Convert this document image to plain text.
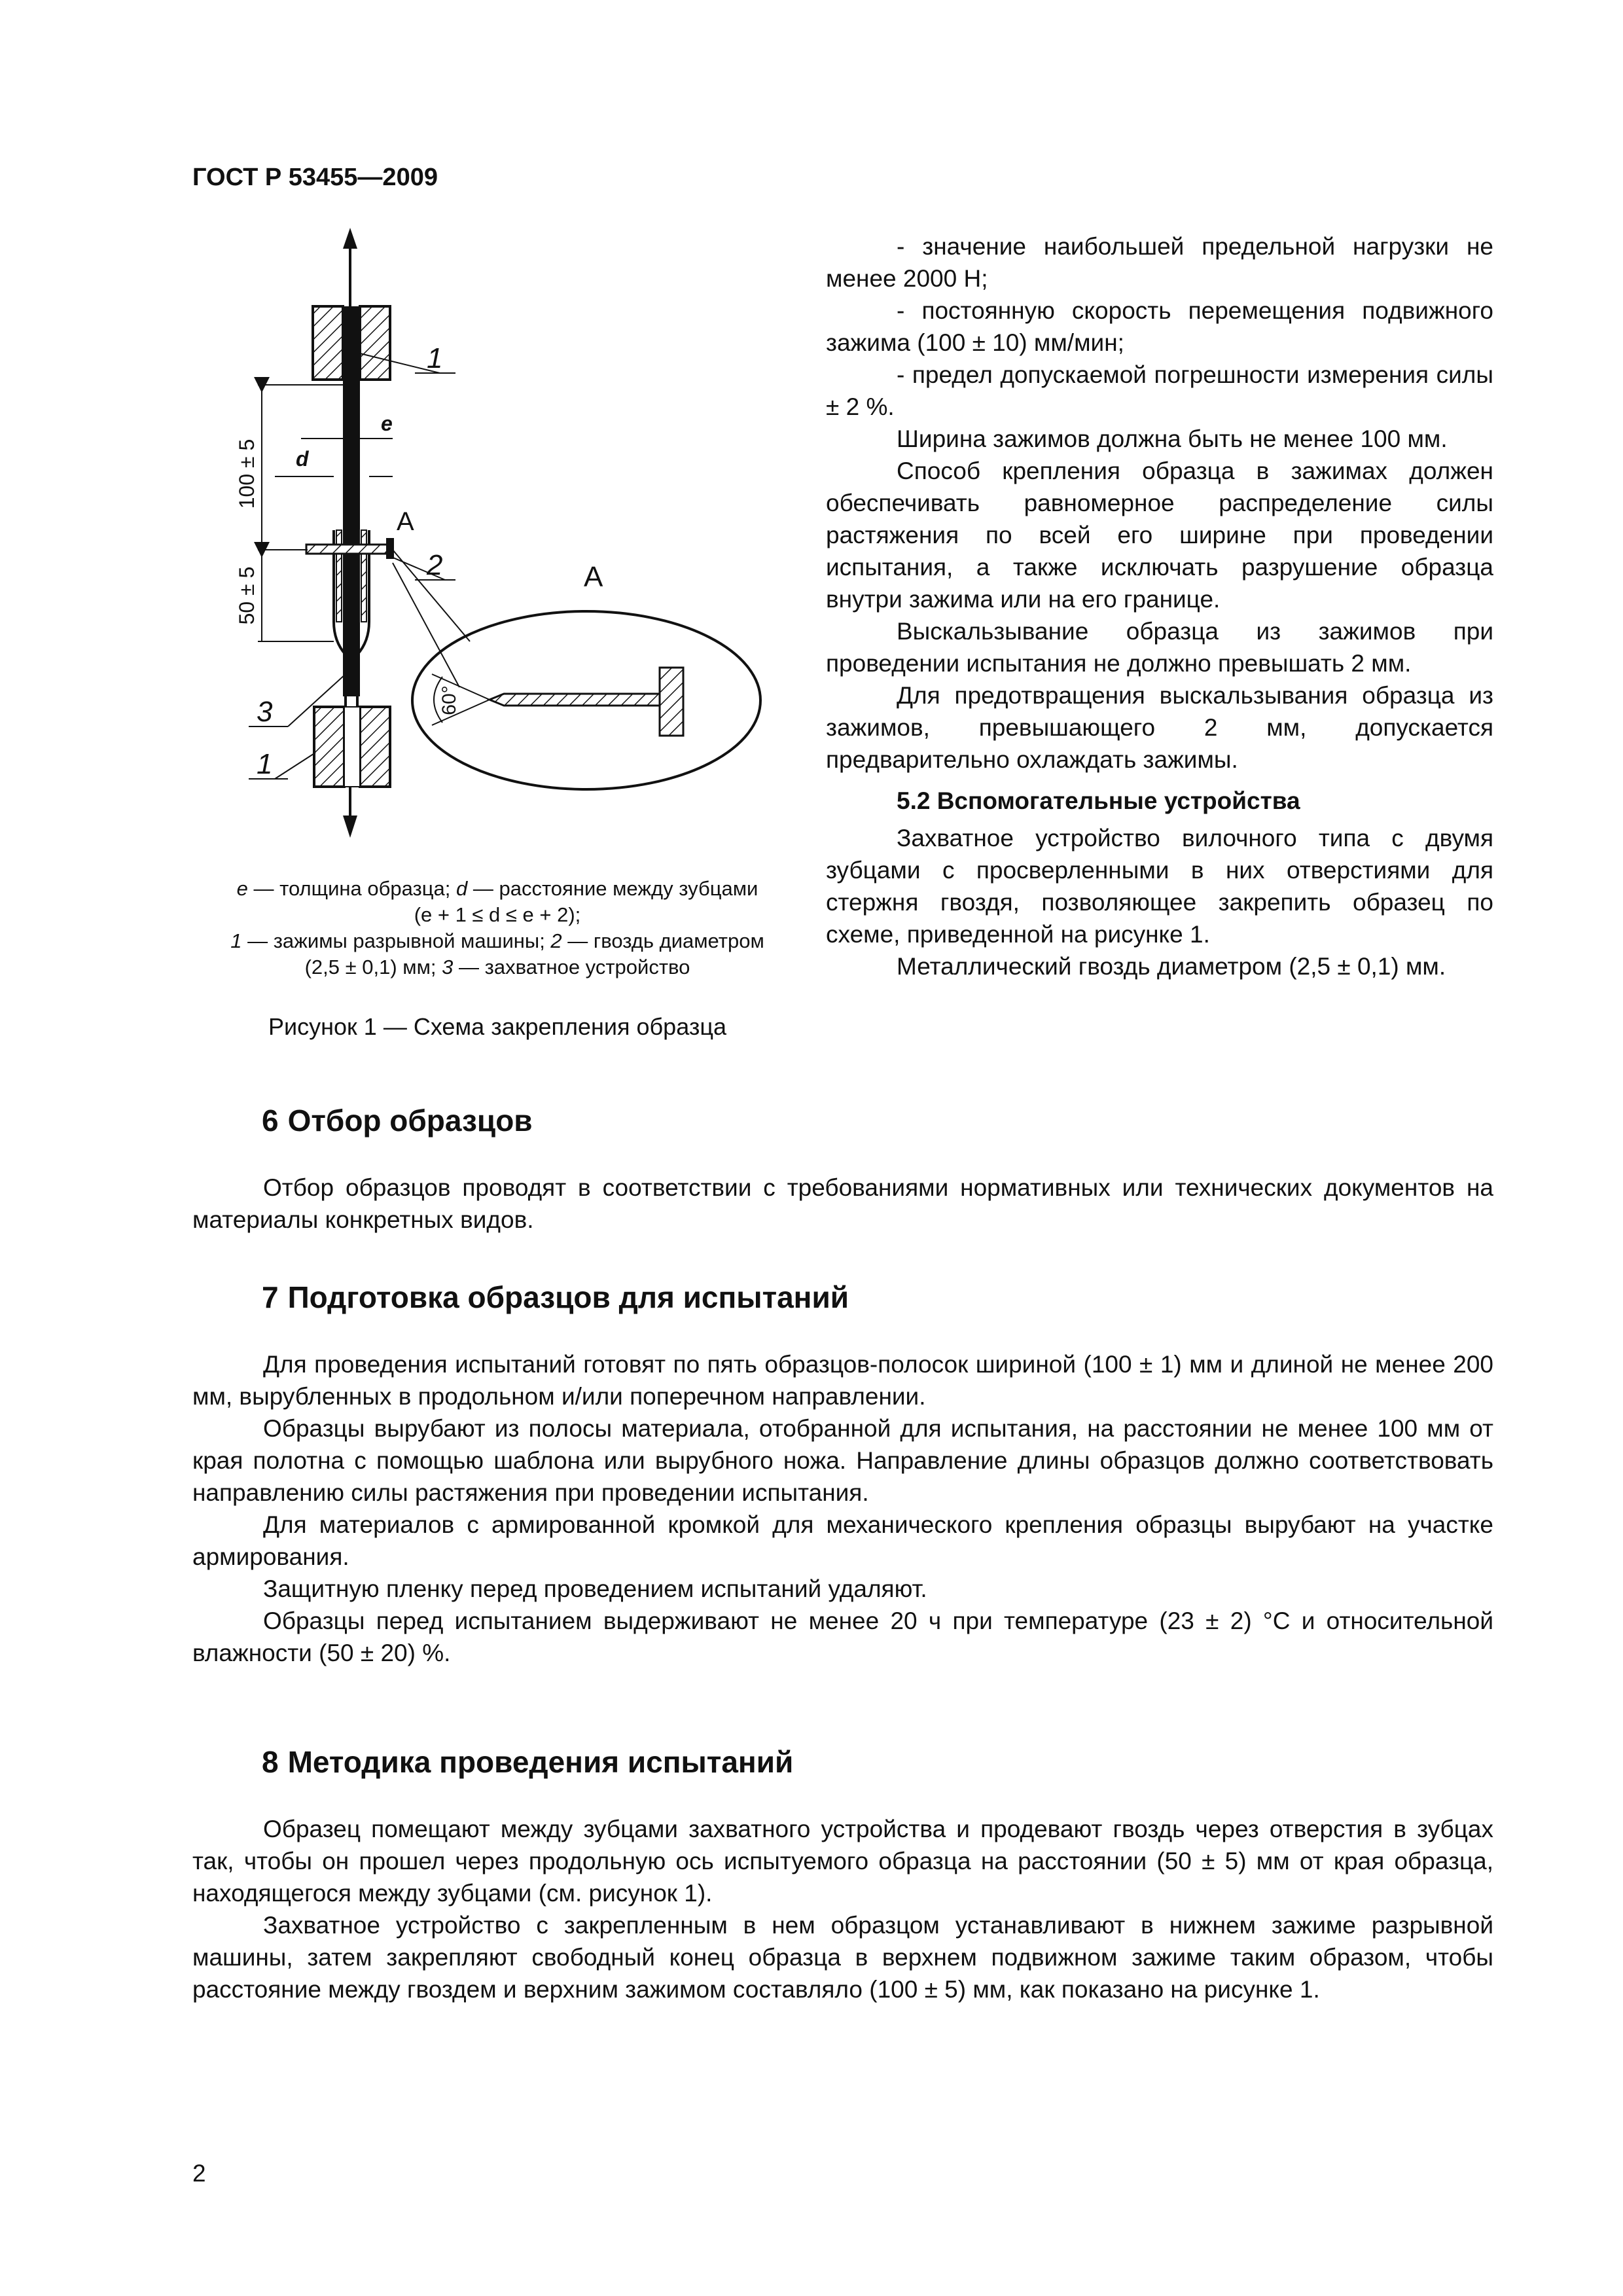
ГОСТ Р 53455—2009
100 ± 5
50 ± 5
e
d
1
А
2
3
1
А
60°

e — толщина образца; d — расстояние между зубцами

(e + 1 ≤ d ≤ e + 2);

1 — зажимы разрывной машины; 2 — гвоздь диаметром

(2,5 ± 0,1) мм; 3 — захватное устройство

Рисунок 1 — Схема закрепления образца

- значение наибольшей предельной нагрузки не менее 2000 Н;

- постоянную скорость перемещения подвижного зажима (100 ± 10) мм/мин;

- предел допускаемой погрешности измерения силы ± 2 %.

Ширина зажимов должна быть не менее 100 мм.

Способ крепления образца в зажимах должен обеспечивать равномерное распределение силы растяжения по всей его ширине при проведении испытания, а также исключать разрушение образца внутри зажима или на его границе.

Выскальзывание образца из зажимов при проведении испытания не должно превышать 2 мм.

Для предотвращения выскальзывания образца из зажимов, превышающего 2 мм, допускается предварительно охлаждать зажимы.

5.2 Вспомогательные устройства

Захватное устройство вилочного типа с двумя зубцами с просверленными в них отверстиями для стержня гвоздя, позволяющее закрепить образец по схеме, приведенной на рисунке 1.

Металлический гвоздь диаметром (2,5 ± 0,1) мм.

6 Отбор образцов

Отбор образцов проводят в соответствии с требованиями нормативных или технических документов на материалы конкретных видов.

7 Подготовка образцов для испытаний

Для проведения испытаний готовят по пять образцов-полосок шириной (100 ± 1) мм и длиной не менее 200 мм, вырубленных в продольном и/или поперечном направлении.

Образцы вырубают из полосы материала, отобранной для испытания, на расстоянии не менее 100 мм от края полотна с помощью шаблона или вырубного ножа. Направление длины образцов должно соответствовать направлению силы растяжения при проведении испытания.

Для материалов с армированной кромкой для механического крепления образцы вырубают на участке армирования.

Защитную пленку перед проведением испытаний удаляют.

Образцы перед испытанием выдерживают не менее 20 ч при температуре (23 ± 2) °С и относительной влажности (50 ± 20) %.

8 Методика проведения испытаний

Образец помещают между зубцами захватного устройства и продевают гвоздь через отверстия в зубцах так, чтобы он прошел через продольную ось испытуемого образца на расстоянии (50 ± 5) мм от края образца, находящегося между зубцами (см. рисунок 1).

Захватное устройство с закрепленным в нем образцом устанавливают в нижнем зажиме разрывной машины, затем закрепляют свободный конец образца в верхнем подвижном зажиме таким образом, чтобы расстояние между гвоздем и верхним зажимом составляло (100 ± 5) мм, как показано на рисунке 1.

2
